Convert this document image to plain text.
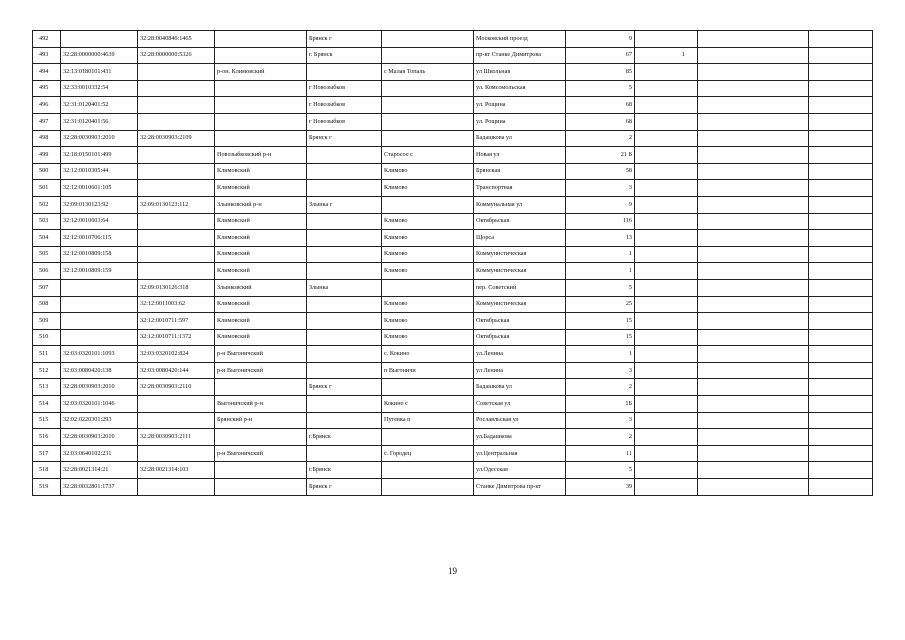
492		32:28:0040846:1465		Брянск г		Московский проезд	9			
493	32:28:0000000:4639	32:28:0000000:5326		г. Брянск		пр-кт Станке Димитрова	67	1		
494	32:13:0180101:431		р-он. Климовский		с Малая Топаль	ул Школьная	85			
495	32:33:0010332:54			г Новозыбков		ул. Комсомольская	5			
496	32:31:0120401:52			г Новозыбков		ул. Рощина	68			
497	32:31:0120401:56			г Новозыбков		ул. Рощина	68			
498	32:28:0030903:2010	32:28:0030903:2109		Брянск г		Бадашкова ул	2			
499	32:18:0150101:499		Новозыбковский р-н		Старосое с	Новая ул	21 Б			
500	32:12:0010305:44		Климовский		Климово	Брянская	58			
501	32:12:0010601:105		Климовский		Климово	Транспортная	3			
502	32:09:0130123:92	32:09:0130123:112	Злынковский р-н	Злынка г		Коммунальная ул	9			
503	32:12:0010603:64		Климовский		Климово	Октябрьская	116			
504	32:12:0010706:115		Климовский		Климово	Щорса	13			
505	32:12:0010809:158		Климовский		Климово	Коммунистическая	1			
506	32:12:0010809:159		Климовский		Климово	Коммунистическая	1			
507		32:09:0130126:318	Злынковский	Злынка		пер. Советский	5			
508		32:12:0011003:62	Климовский		Климово	Коммунистическая	25			
509		32:12:0010711:597	Климовский		Климово	Октябрьская	15			
510		32:12:0010711:1372	Климовский		Климово	Октябрьская	15			
511	32:03:0320101:1093	32:03:0320102:824	р-н Выгоничский		с. Кокино	ул.Ленина	1			
512	32:03:0080420:138	32:03:0080420:144	р-н Выгоничский		п Выгоничи	ул Ленина	3			
513	32:28:0030903:2010	32:28:0030903:2110		Брянск г		Бадашкова ул	2			
514	32:03:0320101:1046		Выгоничский р-н		Кокино с	Советская ул	1Б			
515	32:02:0220301:293		Брянский р-н		Путевка п	Рославльская ул	3			
516	32:28:0030903:2010	32:28:0030903:2111		г.Брянск		ул.Бадашкова	2			
517	32:03:0640102:231		р-н Выгоничский		с. Городец	ул.Центральная	11			
518	32:28:0021314:21	32:28:0021314:103		г.Брянск		ул.Одесская	5			
519	32:28:0032801:1737			Брянск г		Станке Димитрова пр-кт	39			
19
